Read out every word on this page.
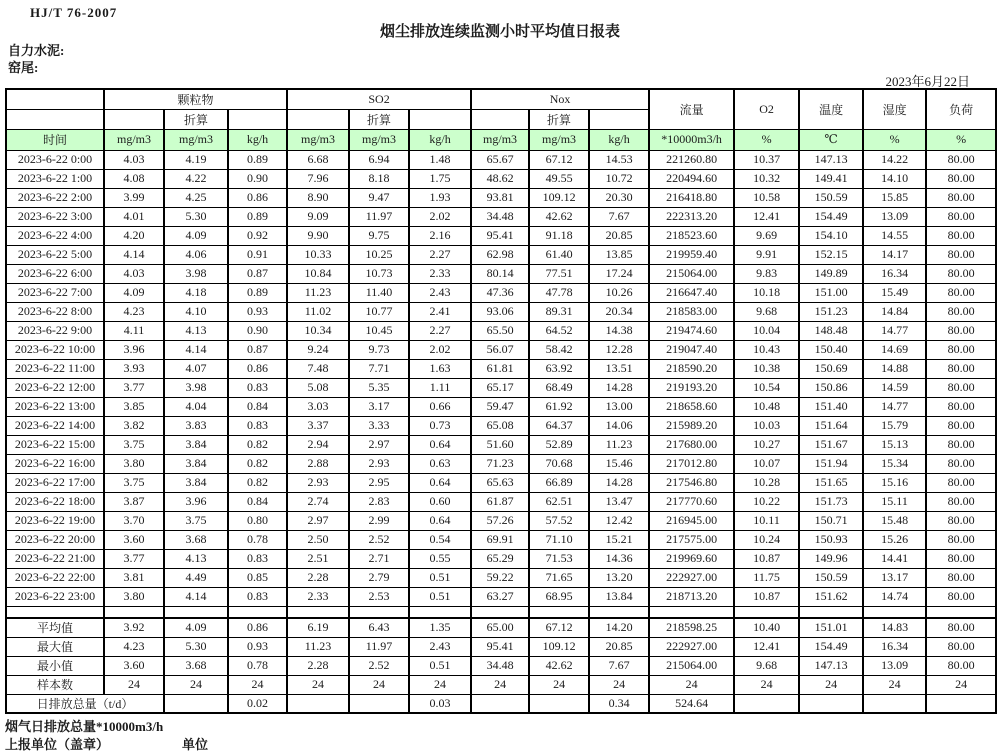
HJ/T 76-2007
烟尘排放连续监测小时平均值日报表
自力水泥:
窑尾:
2023年6月22日
	颗粒物			SO2			Nox			流量	O2	温度	湿度	负荷
		折算			折算			折算						
时间	mg/m3	mg/m3	kg/h	mg/m3	mg/m3	kg/h	mg/m3	mg/m3	kg/h	*10000m3/h	%	℃	%	%
2023-6-22 0:00	4.03	4.19	0.89	6.68	6.94	1.48	65.67	67.12	14.53	221260.80	10.37	147.13	14.22	80.00
2023-6-22 1:00	4.08	4.22	0.90	7.96	8.18	1.75	48.62	49.55	10.72	220494.60	10.32	149.41	14.10	80.00
2023-6-22 2:00	3.99	4.25	0.86	8.90	9.47	1.93	93.81	109.12	20.30	216418.80	10.58	150.59	15.85	80.00
2023-6-22 3:00	4.01	5.30	0.89	9.09	11.97	2.02	34.48	42.62	7.67	222313.20	12.41	154.49	13.09	80.00
2023-6-22 4:00	4.20	4.09	0.92	9.90	9.75	2.16	95.41	91.18	20.85	218523.60	9.69	154.10	14.55	80.00
2023-6-22 5:00	4.14	4.06	0.91	10.33	10.25	2.27	62.98	61.40	13.85	219959.40	9.91	152.15	14.17	80.00
2023-6-22 6:00	4.03	3.98	0.87	10.84	10.73	2.33	80.14	77.51	17.24	215064.00	9.83	149.89	16.34	80.00
2023-6-22 7:00	4.09	4.18	0.89	11.23	11.40	2.43	47.36	47.78	10.26	216647.40	10.18	151.00	15.49	80.00
2023-6-22 8:00	4.23	4.10	0.93	11.02	10.77	2.41	93.06	89.31	20.34	218583.00	9.68	151.23	14.84	80.00
2023-6-22 9:00	4.11	4.13	0.90	10.34	10.45	2.27	65.50	64.52	14.38	219474.60	10.04	148.48	14.77	80.00
2023-6-22 10:00	3.96	4.14	0.87	9.24	9.73	2.02	56.07	58.42	12.28	219047.40	10.43	150.40	14.69	80.00
2023-6-22 11:00	3.93	4.07	0.86	7.48	7.71	1.63	61.81	63.92	13.51	218590.20	10.38	150.69	14.88	80.00
2023-6-22 12:00	3.77	3.98	0.83	5.08	5.35	1.11	65.17	68.49	14.28	219193.20	10.54	150.86	14.59	80.00
2023-6-22 13:00	3.85	4.04	0.84	3.03	3.17	0.66	59.47	61.92	13.00	218658.60	10.48	151.40	14.77	80.00
2023-6-22 14:00	3.82	3.83	0.83	3.37	3.33	0.73	65.08	64.37	14.06	215989.20	10.03	151.64	15.79	80.00
2023-6-22 15:00	3.75	3.84	0.82	2.94	2.97	0.64	51.60	52.89	11.23	217680.00	10.27	151.67	15.13	80.00
2023-6-22 16:00	3.80	3.84	0.82	2.88	2.93	0.63	71.23	70.68	15.46	217012.80	10.07	151.94	15.34	80.00
2023-6-22 17:00	3.75	3.84	0.82	2.93	2.95	0.64	65.63	66.89	14.28	217546.80	10.28	151.65	15.16	80.00
2023-6-22 18:00	3.87	3.96	0.84	2.74	2.83	0.60	61.87	62.51	13.47	217770.60	10.22	151.73	15.11	80.00
2023-6-22 19:00	3.70	3.75	0.80	2.97	2.99	0.64	57.26	57.52	12.42	216945.00	10.11	150.71	15.48	80.00
2023-6-22 20:00	3.60	3.68	0.78	2.50	2.52	0.54	69.91	71.10	15.21	217575.00	10.24	150.93	15.26	80.00
2023-6-22 21:00	3.77	4.13	0.83	2.51	2.71	0.55	65.29	71.53	14.36	219969.60	10.87	149.96	14.41	80.00
2023-6-22 22:00	3.81	4.49	0.85	2.28	2.79	0.51	59.22	71.65	13.20	222927.00	11.75	150.59	13.17	80.00
2023-6-22 23:00	3.80	4.14	0.83	2.33	2.53	0.51	63.27	68.95	13.84	218713.20	10.87	151.62	14.74	80.00

平均值	3.92	4.09	0.86	6.19	6.43	1.35	65.00	67.12	14.20	218598.25	10.40	151.01	14.83	80.00
最大值	4.23	5.30	0.93	11.23	11.97	2.43	95.41	109.12	20.85	222927.00	12.41	154.49	16.34	80.00
最小值	3.60	3.68	0.78	2.28	2.52	0.51	34.48	42.62	7.67	215064.00	9.68	147.13	13.09	80.00
样本数	24	24	24	24	24	24	24	24	24	24	24	24	24	24
日排放总量（t/d）			0.02			0.03			0.34	524.64				
烟气日排放总量*10000m3/h
上报单位（盖章）	单位
